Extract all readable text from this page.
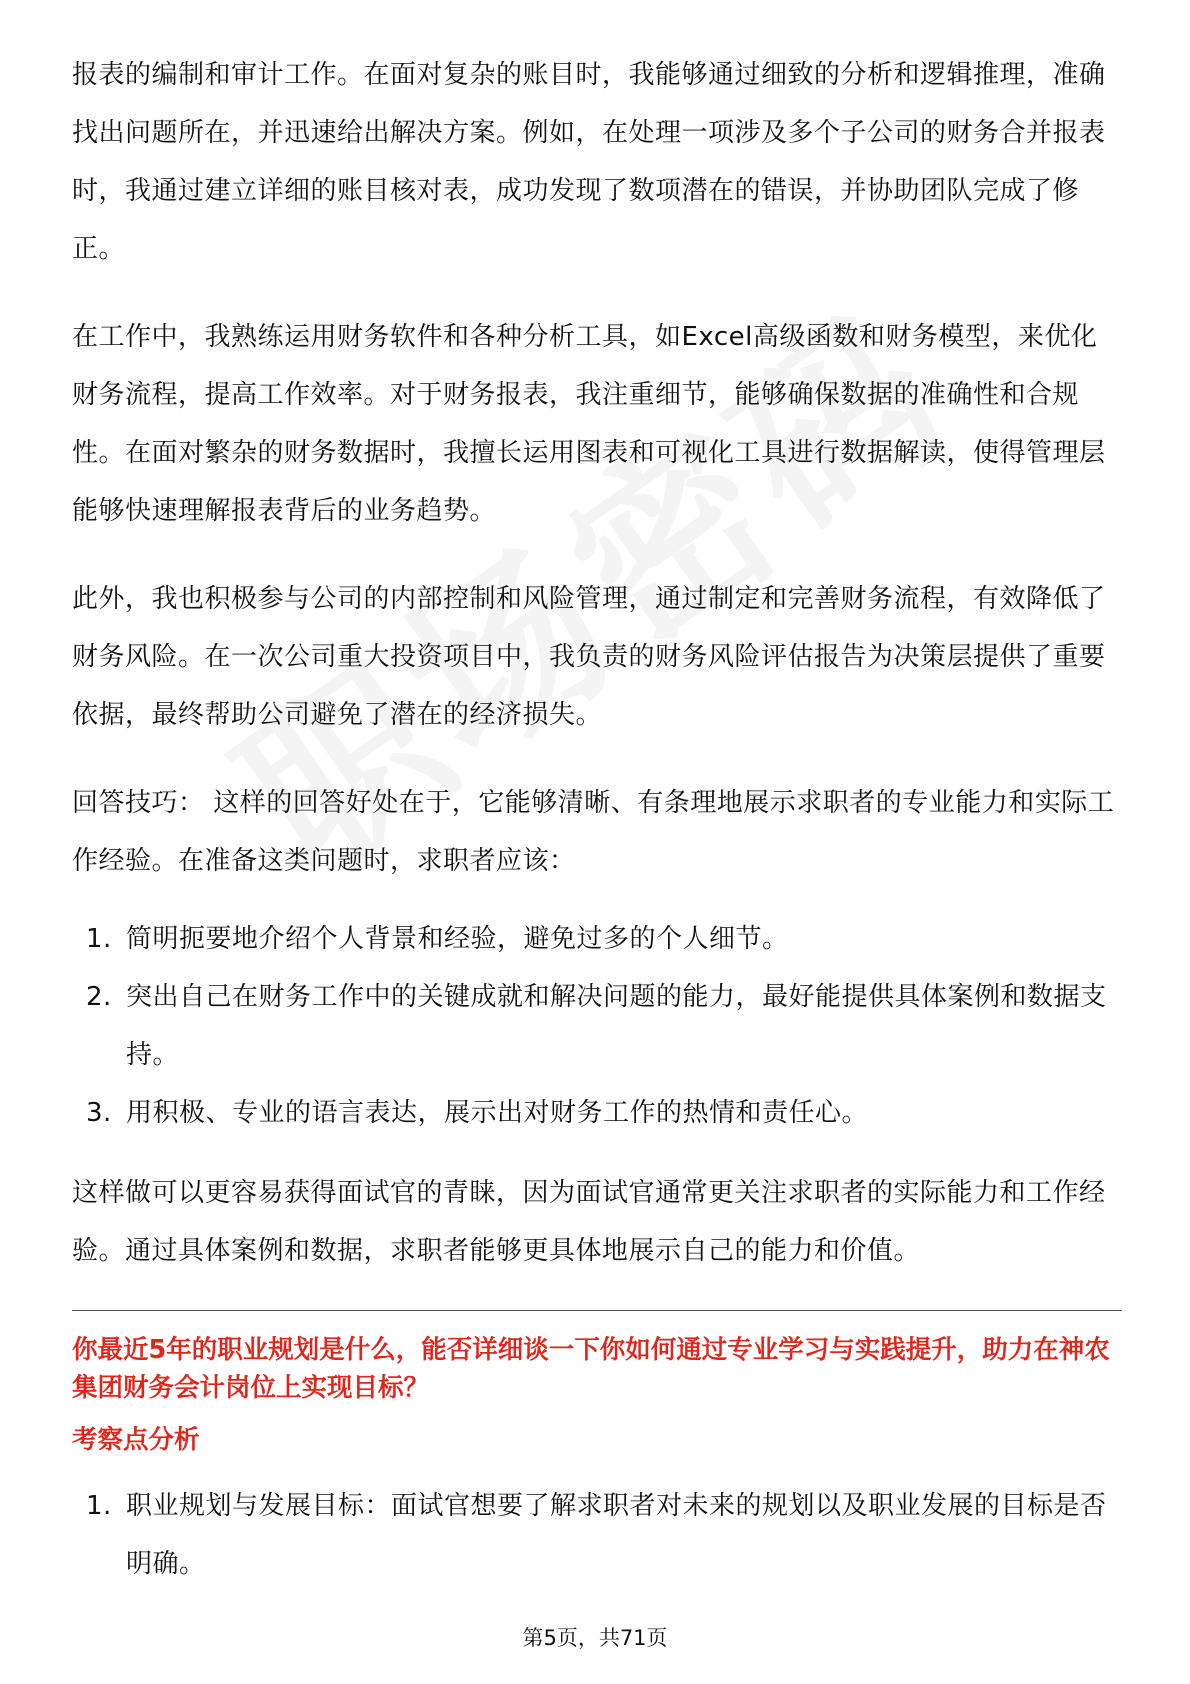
报表的编制和审计工作。在面对复杂的账目时，我能够通过细致的分析和逻辑推理，准确找出问题所在，并迅速给出解决方案。例如，在处理一项涉及多个子公司的财务合并报表时，我通过建立详细的账目核对表，成功发现了数项潜在的错误，并协助团队完成了修正。

在工作中，我熟练运用财务软件和各种分析工具，如Excel高级函数和财务模型，来优化财务流程，提高工作效率。对于财务报表，我注重细节，能够确保数据的准确性和合规性。在面对繁杂的财务数据时，我擅长运用图表和可视化工具进行数据解读，使得管理层能够快速理解报表背后的业务趋势。

此外，我也积极参与公司的内部控制和风险管理，通过制定和完善财务流程，有效降低了财务风险。在一次公司重大投资项目中，我负责的财务风险评估报告为决策层提供了重要依据，最终帮助公司避免了潜在的经济损失。

回答技巧： 这样的回答好处在于，它能够清晰、有条理地展示求职者的专业能力和实际工作经验。在准备这类问题时，求职者应该：

1. 简明扼要地介绍个人背景和经验，避免过多的个人细节。
2. 突出自己在财务工作中的关键成就和解决问题的能力，最好能提供具体案例和数据支持。
3. 用积极、专业的语言表达，展示出对财务工作的热情和责任心。

这样做可以更容易获得面试官的青睐，因为面试官通常更关注求职者的实际能力和工作经验。通过具体案例和数据，求职者能够更具体地展示自己的能力和价值。

你最近5年的职业规划是什么，能否详细谈一下你如何通过专业学习与实践提升，助力在神农集团财务会计岗位上实现目标？

考察点分析

1. 职业规划与发展目标：面试官想要了解求职者对未来的规划以及职业发展的目标是否明确。
第5页，共71页
